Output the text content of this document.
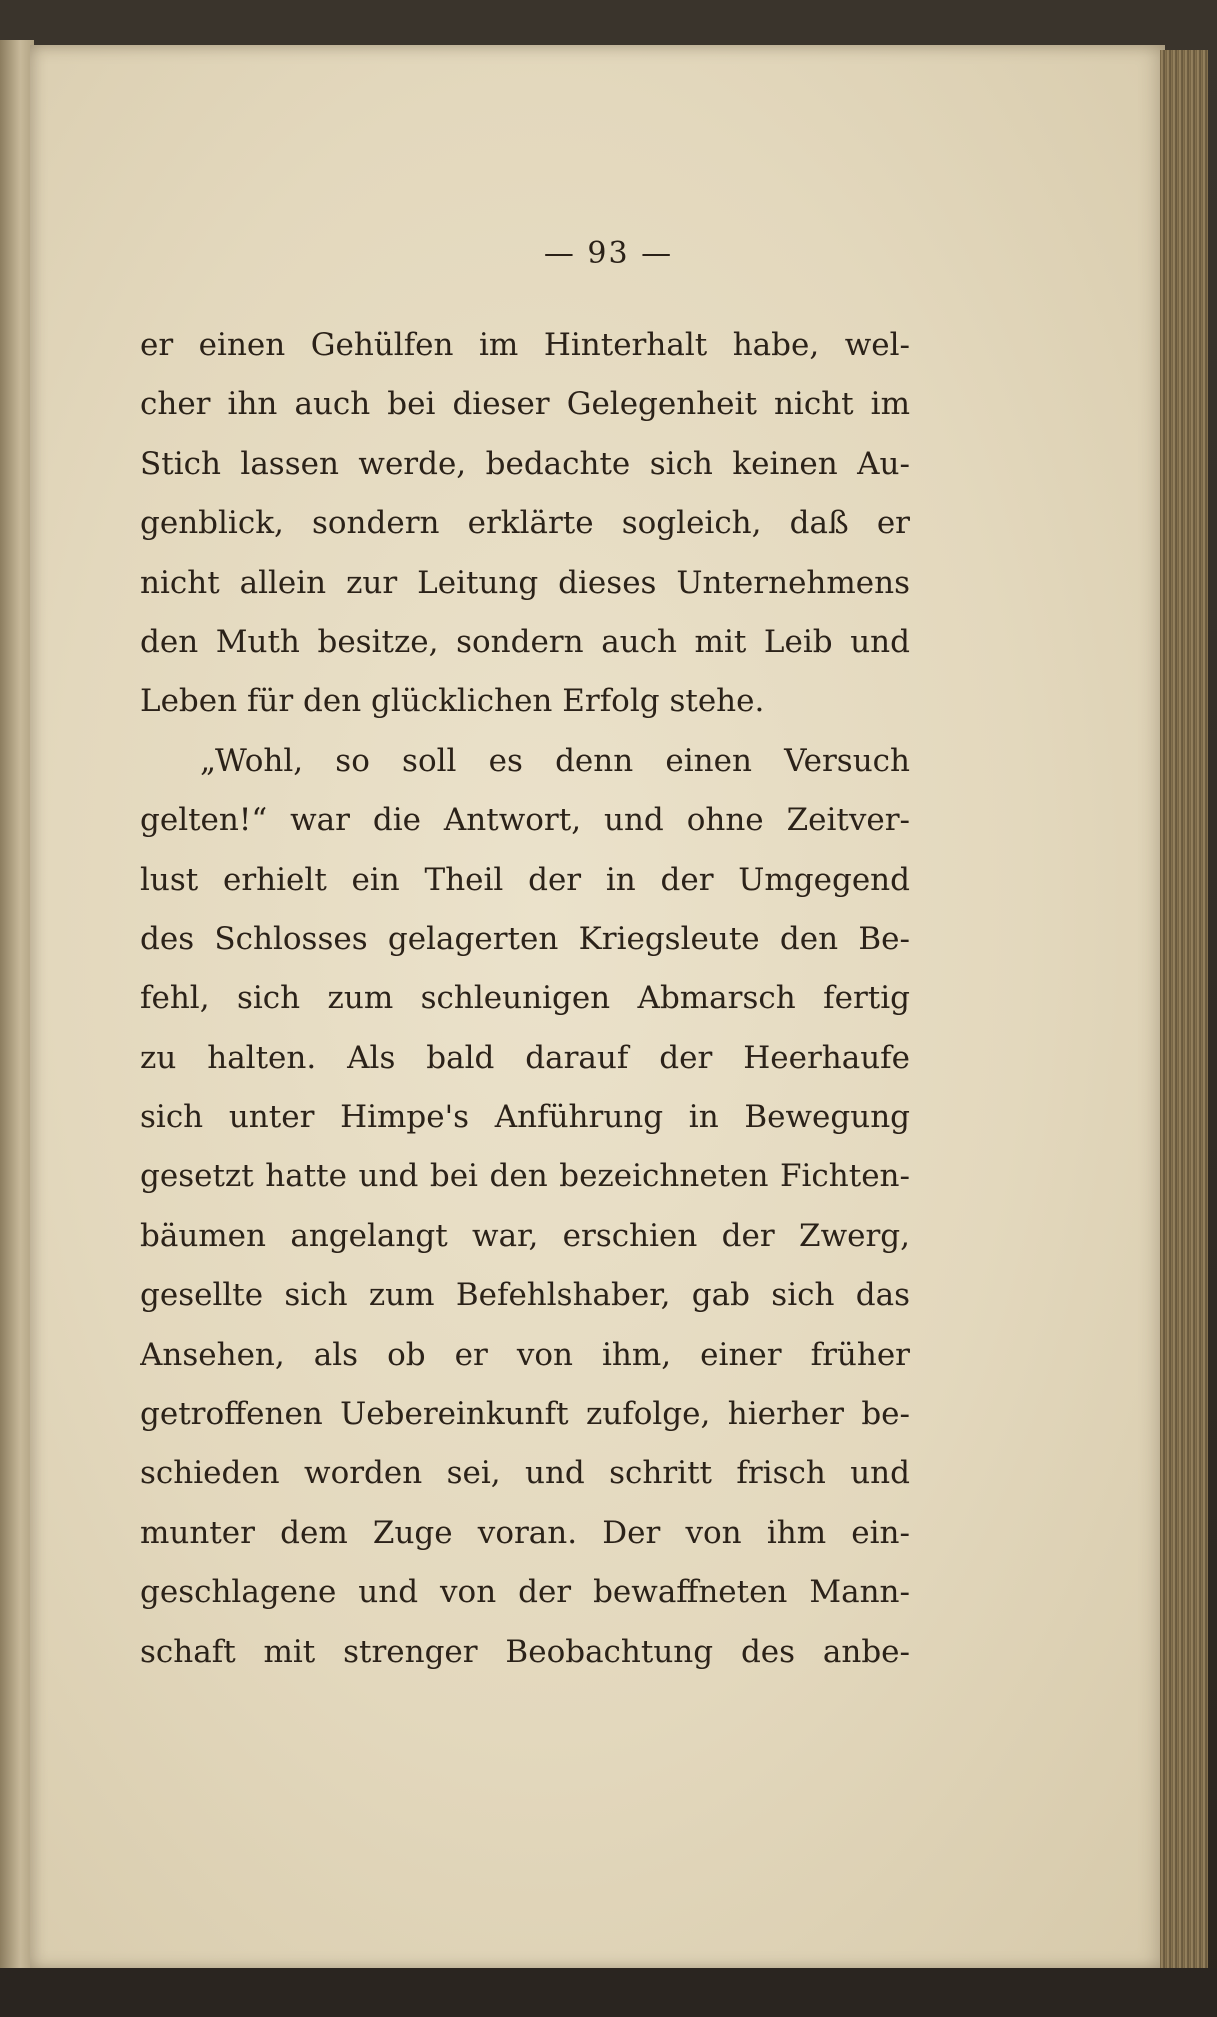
— 93 —
er einen Gehülfen im Hinterhalt habe, wel-
cher ihn auch bei dieser Gelegenheit nicht im
Stich lassen werde, bedachte sich keinen Au-
genblick, sondern erklärte sogleich, daß er
nicht allein zur Leitung dieses Unternehmens
den Muth besitze, sondern auch mit Leib und
Leben für den glücklichen Erfolg stehe.
„Wohl, so soll es denn einen Versuch
gelten!“ war die Antwort, und ohne Zeitver-
lust erhielt ein Theil der in der Umgegend
des Schlosses gelagerten Kriegsleute den Be-
fehl, sich zum schleunigen Abmarsch fertig
zu halten. Als bald darauf der Heerhaufe
sich unter Himpe's Anführung in Bewegung
gesetzt hatte und bei den bezeichneten Fichten-
bäumen angelangt war, erschien der Zwerg,
gesellte sich zum Befehlshaber, gab sich das
Ansehen, als ob er von ihm, einer früher
getroffenen Uebereinkunft zufolge, hierher be-
schieden worden sei, und schritt frisch und
munter dem Zuge voran. Der von ihm ein-
geschlagene und von der bewaffneten Mann-
schaft mit strenger Beobachtung des anbe-
